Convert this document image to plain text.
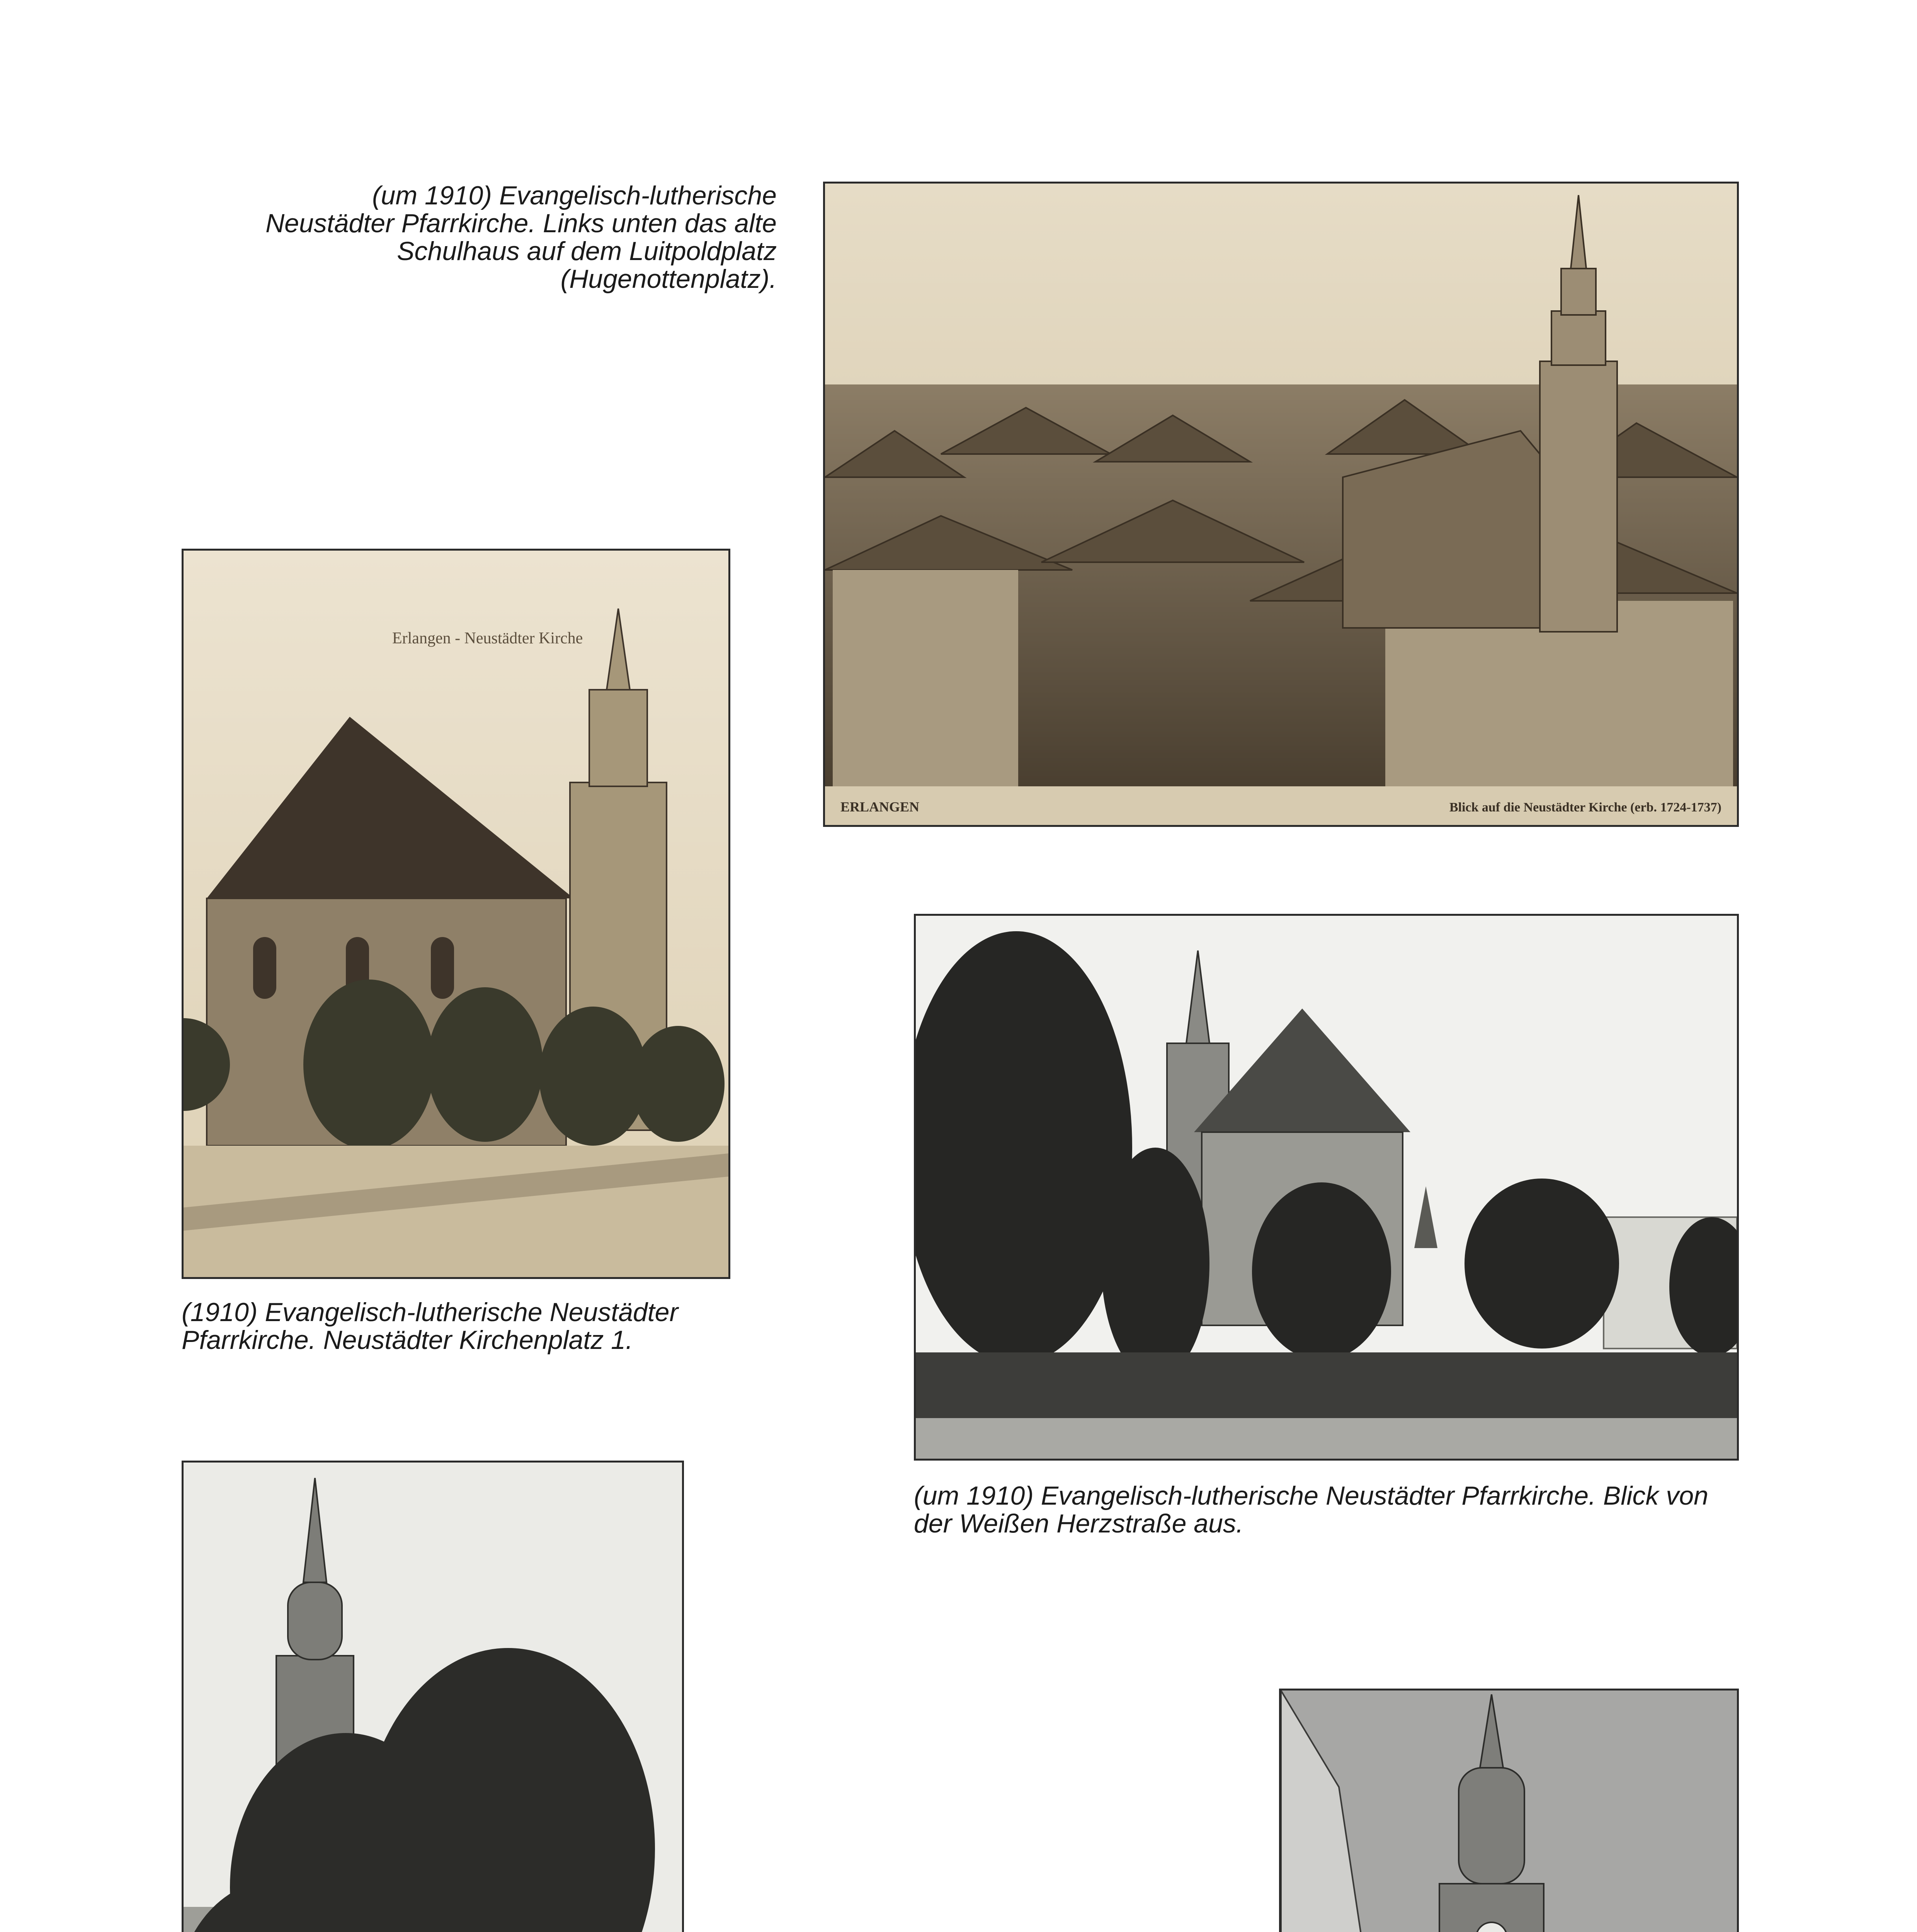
(um 1910) Evangelisch-lutherische Neustädter Pfarrkirche. Links unten das alte Schulhaus auf dem Luitpoldplatz (Hugenottenplatz).

ERLANGEN	Blick auf die Neustädter Kirche (erb. 1724-1737)
Erlangen - Neustädter Kirche

(1910) Evangelisch-lutherische Neustädter Pfarrkirche. Neustädter Kirchenplatz 1.

(um 1910) Evangelisch-lutherische Neustädter Pfarrkirche. Blick von der Weißen Herzstraße aus.
